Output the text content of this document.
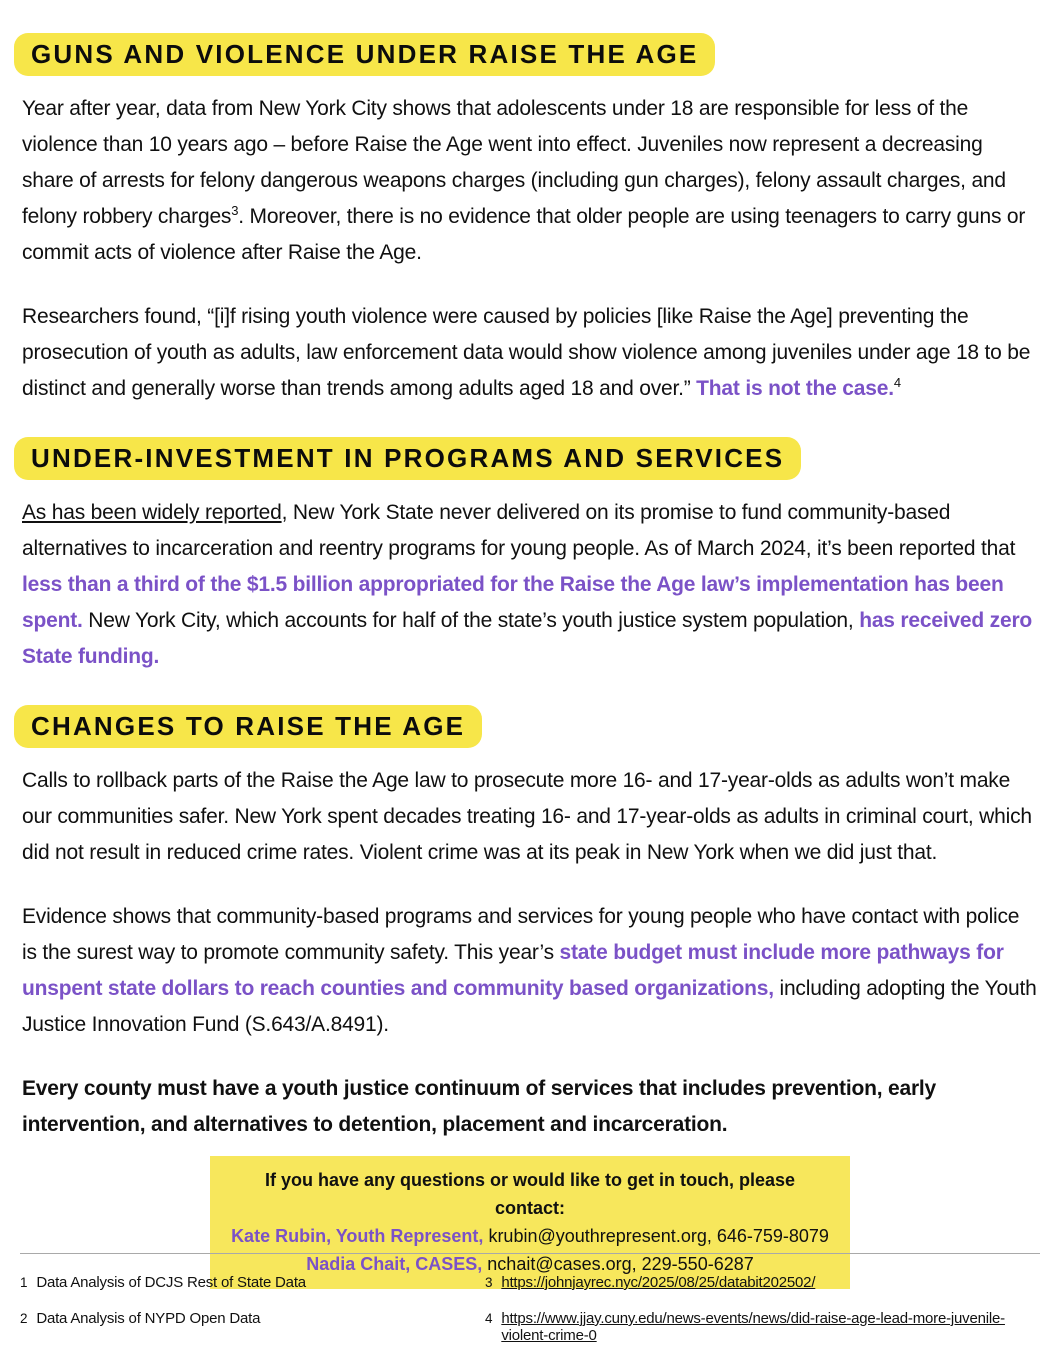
GUNS AND VIOLENCE UNDER RAISE THE AGE

Year after year, data from New York City shows that adolescents under 18 are responsible for less of the violence than 10 years ago – before Raise the Age went into effect. Juveniles now represent a decreasing share of arrests for felony dangerous weapons charges (including gun charges), felony assault charges, and felony robbery charges$^3$. Moreover, there is no evidence that older people are using teenagers to carry guns or commit acts of violence after Raise the Age.

Researchers found, “[i]f rising youth violence were caused by policies [like Raise the Age] preventing the prosecution of youth as adults, law enforcement data would show violence among juveniles under age 18 to be distinct and generally worse than trends among adults aged 18 and over.” That is not the case.$^4$

UNDER-INVESTMENT IN PROGRAMS AND SERVICES

As has been widely reported, New York State never delivered on its promise to fund community-based alternatives to incarceration and reentry programs for young people. As of March 2024, it’s been reported that less than a third of the $1.5 billion appropriated for the Raise the Age law’s implementation has been spent. New York City, which accounts for half of the state’s youth justice system population, has received zero State funding.

CHANGES TO RAISE THE AGE

Calls to rollback parts of the Raise the Age law to prosecute more 16- and 17-year-olds as adults won’t make our communities safer. New York spent decades treating 16- and 17-year-olds as adults in criminal court, which did not result in reduced crime rates. Violent crime was at its peak in New York when we did just that.

Evidence shows that community-based programs and services for young people who have contact with police is the surest way to promote community safety. This year’s state budget must include more pathways for unspent state dollars to reach counties and community based organizations, including adopting the Youth Justice Innovation Fund (S.643/A.8491).

Every county must have a youth justice continuum of services that includes prevention, early intervention, and alternatives to detention, placement and incarceration.

If you have any questions or would like to get in touch, please contact:
Kate Rubin, Youth Represent, krubin@youthrepresent.org, 646-759-8079
Nadia Chait, CASES, nchait@cases.org, 229-550-6287
1 Data Analysis of DCJS Rest of State Data
2 Data Analysis of NYPD Open Data
3 https://johnjayrec.nyc/2025/08/25/databit202502/
4 https://www.jjay.cuny.edu/news-events/news/did-raise-age-lead-more-juvenile-violent-crime-0
